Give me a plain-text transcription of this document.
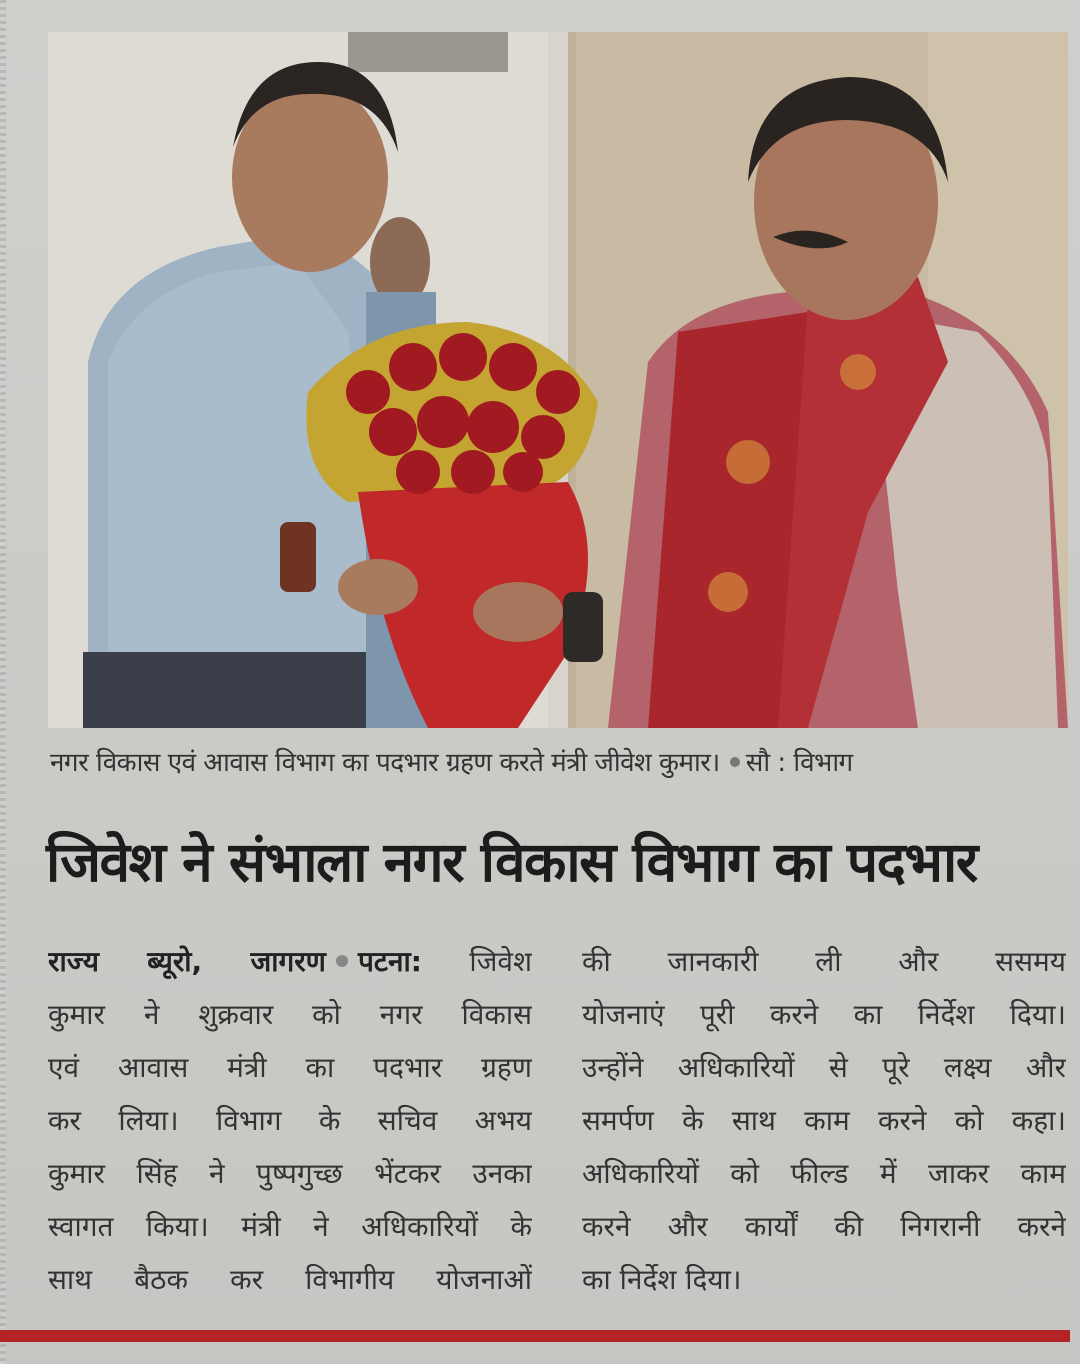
नगर विकास एवं आवास विभाग का पदभार ग्रहण करते मंत्री जीवेश कुमार। सौ : विभाग
जिवेश ने संभाला नगर विकास विभाग का पदभार
राज्य ब्यूरो, जागरण पटना: जिवेश
कुमार ने शुक्रवार को नगर विकास
एवं आवास मंत्री का पदभार ग्रहण
कर लिया। विभाग के सचिव अभय
कुमार सिंह ने पुष्पगुच्छ भेंटकर उनका
स्वागत किया। मंत्री ने अधिकारियों के
साथ बैठक कर विभागीय योजनाओं
की जानकारी ली और ससमय
योजनाएं पूरी करने का निर्देश दिया।
उन्होंने अधिकारियों से पूरे लक्ष्य और
समर्पण के साथ काम करने को कहा।
अधिकारियों को फील्ड में जाकर काम
करने और कार्यों की निगरानी करने
का निर्देश दिया।
